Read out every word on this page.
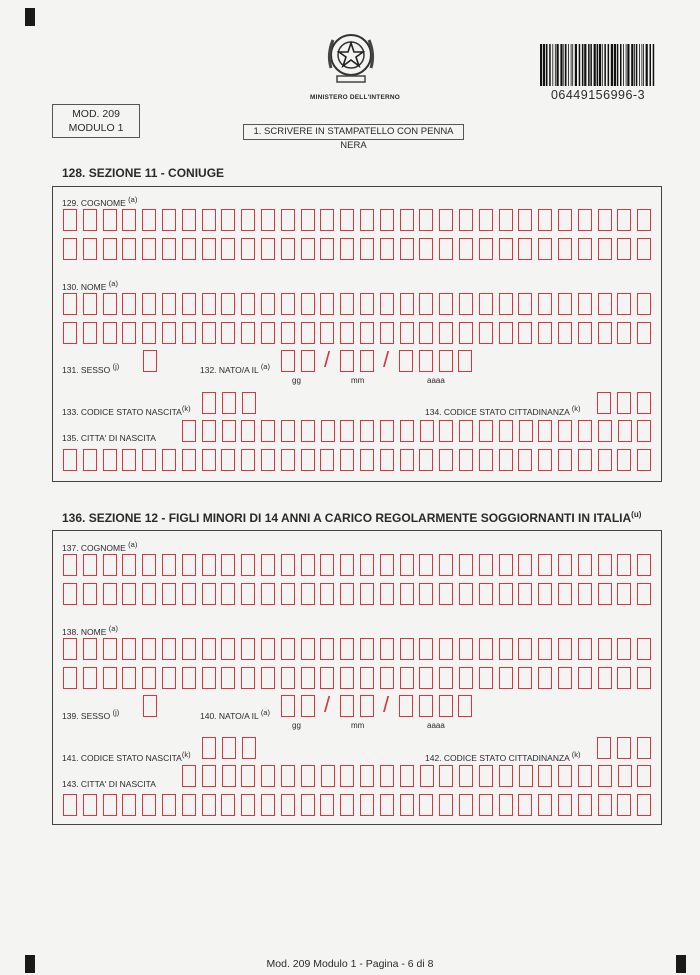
MINISTERO DELL'INTERNO	06449156996-3
MOD. 209
MODULO 1	1. SCRIVERE IN STAMPATELLO CON PENNA NERA
128. SEZIONE 11 - CONIUGE
129. COGNOME $^{(a)}$
130. NOME $^{(a)}$
131. SESSO $^{(j)}$	132. NATO/A IL $^{(a)}$ / /
gg	mm	aaaa
133. CODICE STATO NASCITA$^{(k)}$	134. CODICE STATO CITTADINANZA $^{(k)}$
135. CITTA' DI NASCITA
136. SEZIONE 12 - FIGLI MINORI DI 14 ANNI A CARICO REGOLARMENTE SOGGIORNANTI IN ITALIA$^{(u)}$
137. COGNOME $^{(a)}$
138. NOME $^{(a)}$
139. SESSO $^{(j)}$	140. NATO/A IL $^{(a)}$ / /
gg	mm	aaaa
141. CODICE STATO NASCITA$^{(k)}$	142. CODICE STATO CITTADINANZA $^{(k)}$
143. CITTA' DI NASCITA
Mod. 209 Modulo 1 - Pagina - 6 di 8
